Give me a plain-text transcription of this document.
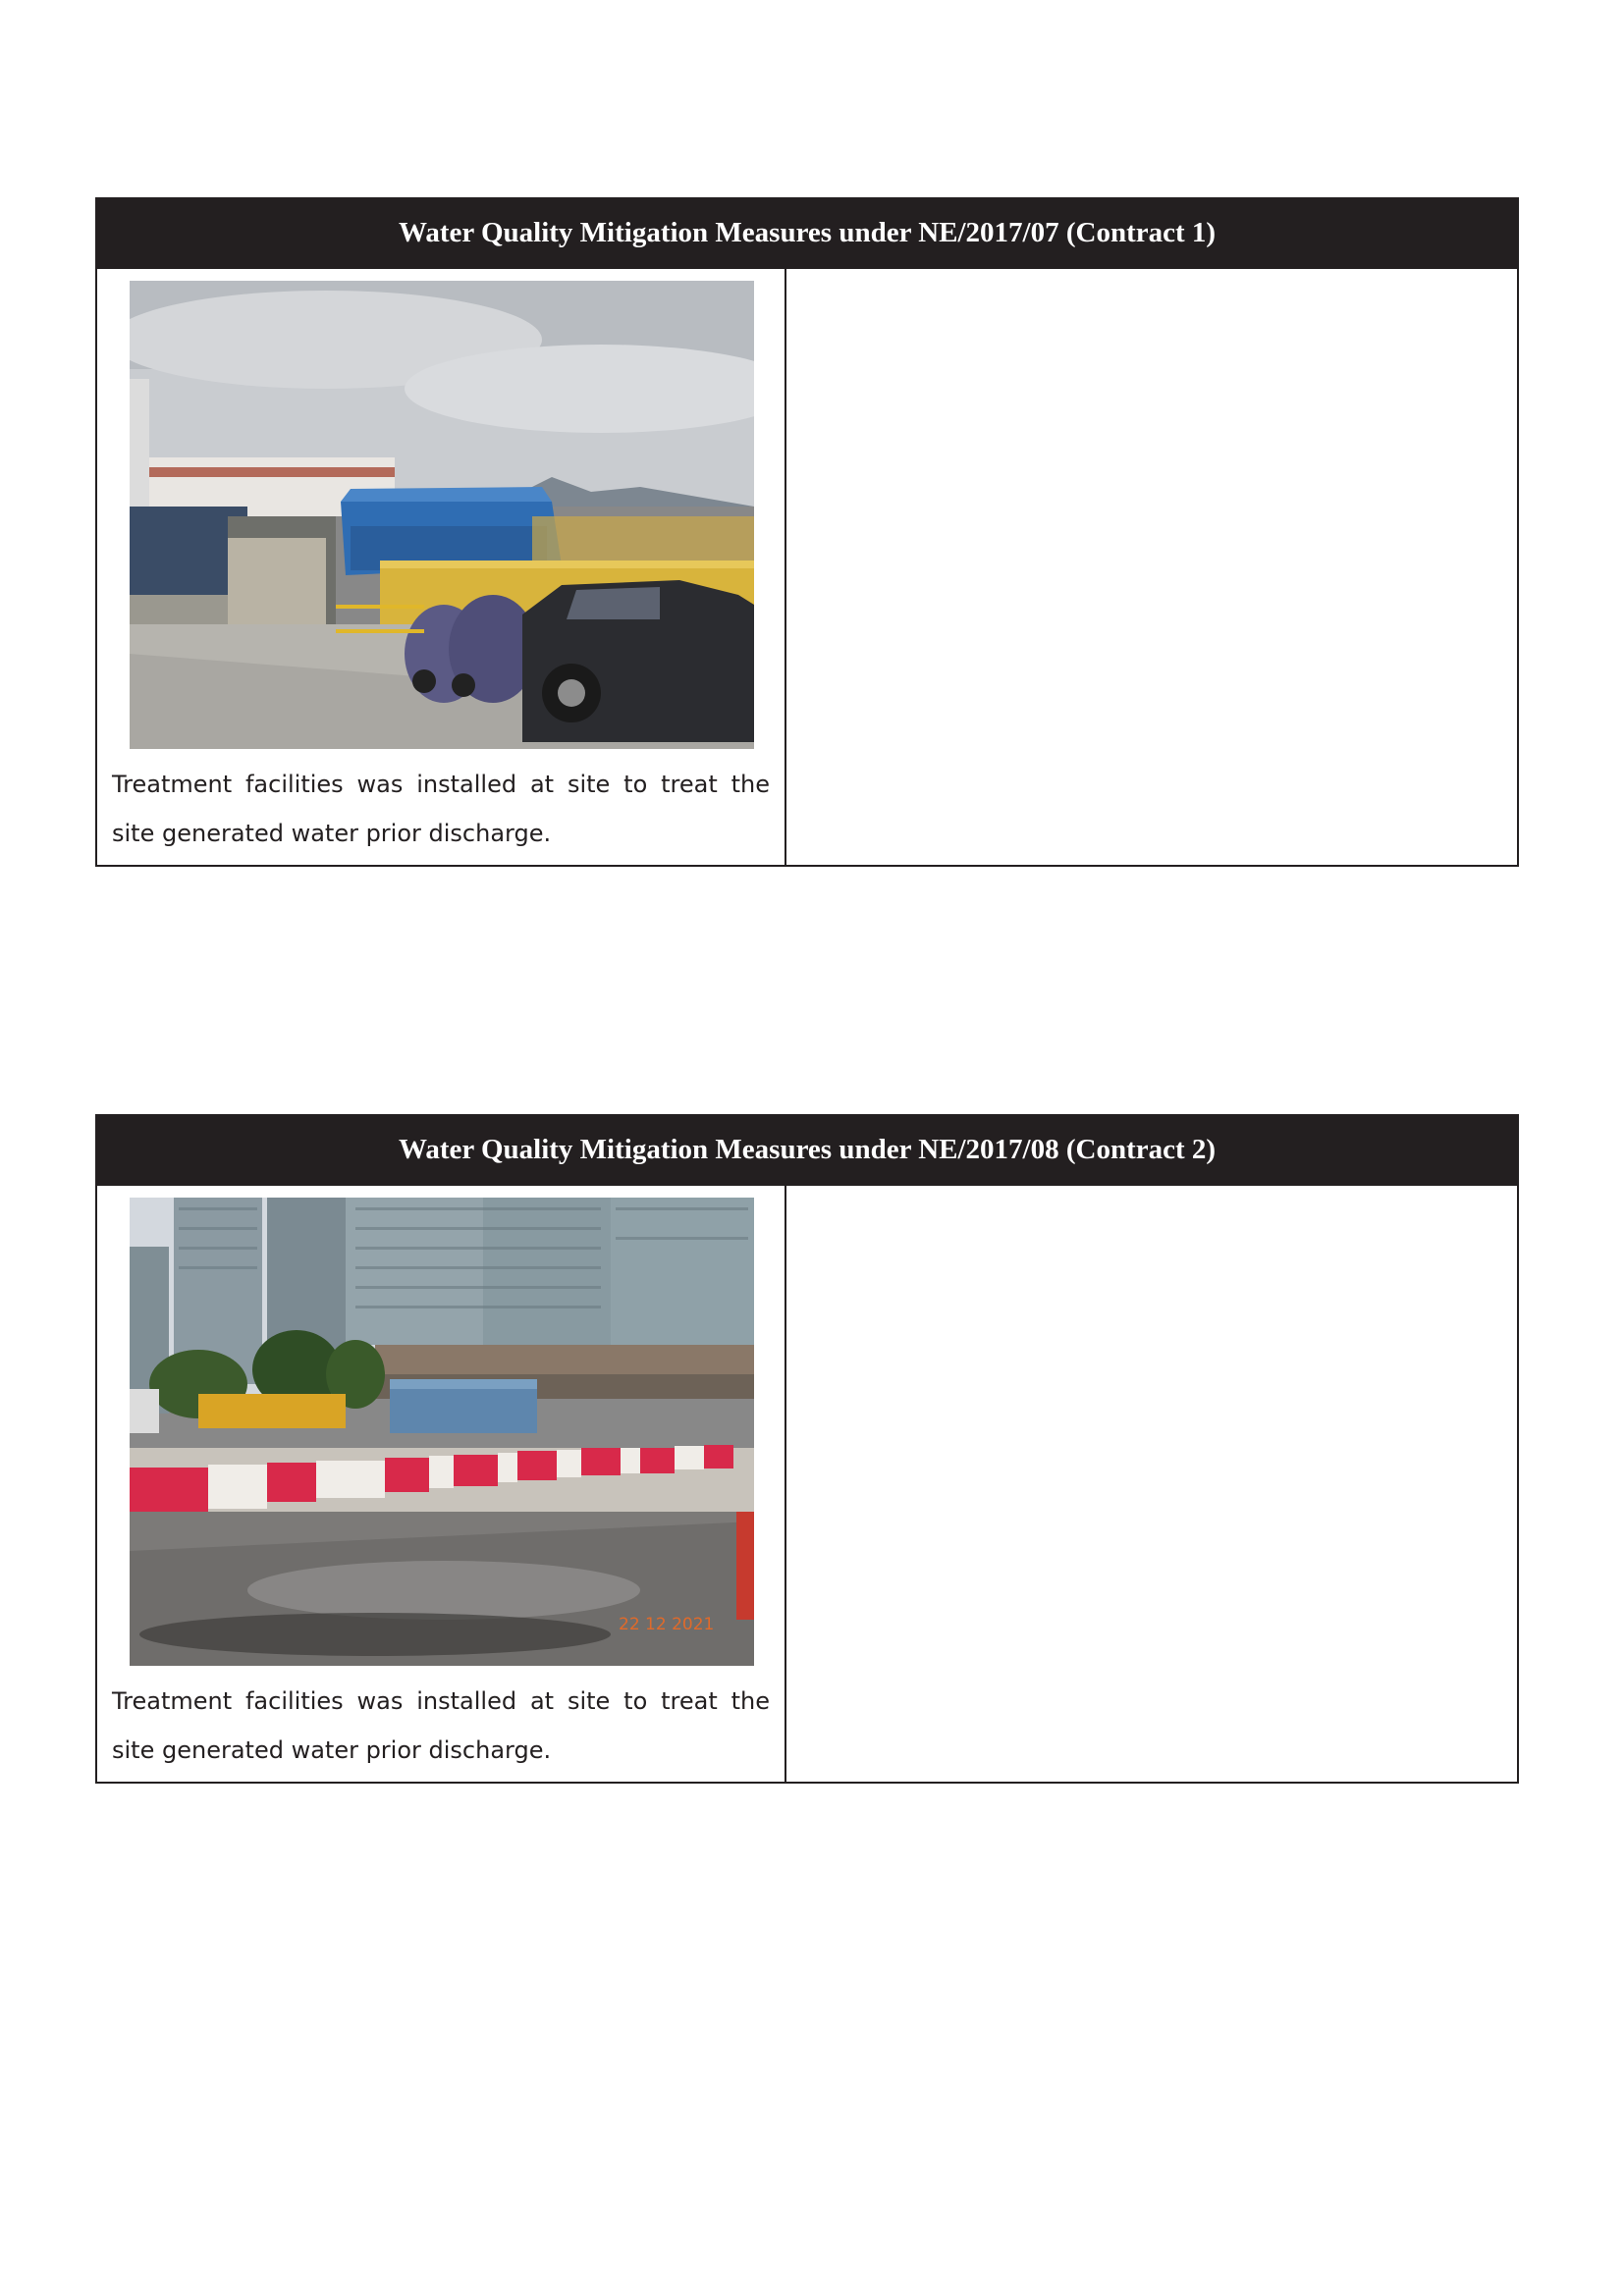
Water Quality Mitigation Measures under NE/2017/07 (Contract 1)
Treatment facilities was installed at site to treat the site generated water prior discharge.
Water Quality Mitigation Measures under NE/2017/08 (Contract 2)
22 12 2021
Treatment facilities was installed at site to treat the site generated water prior discharge.
